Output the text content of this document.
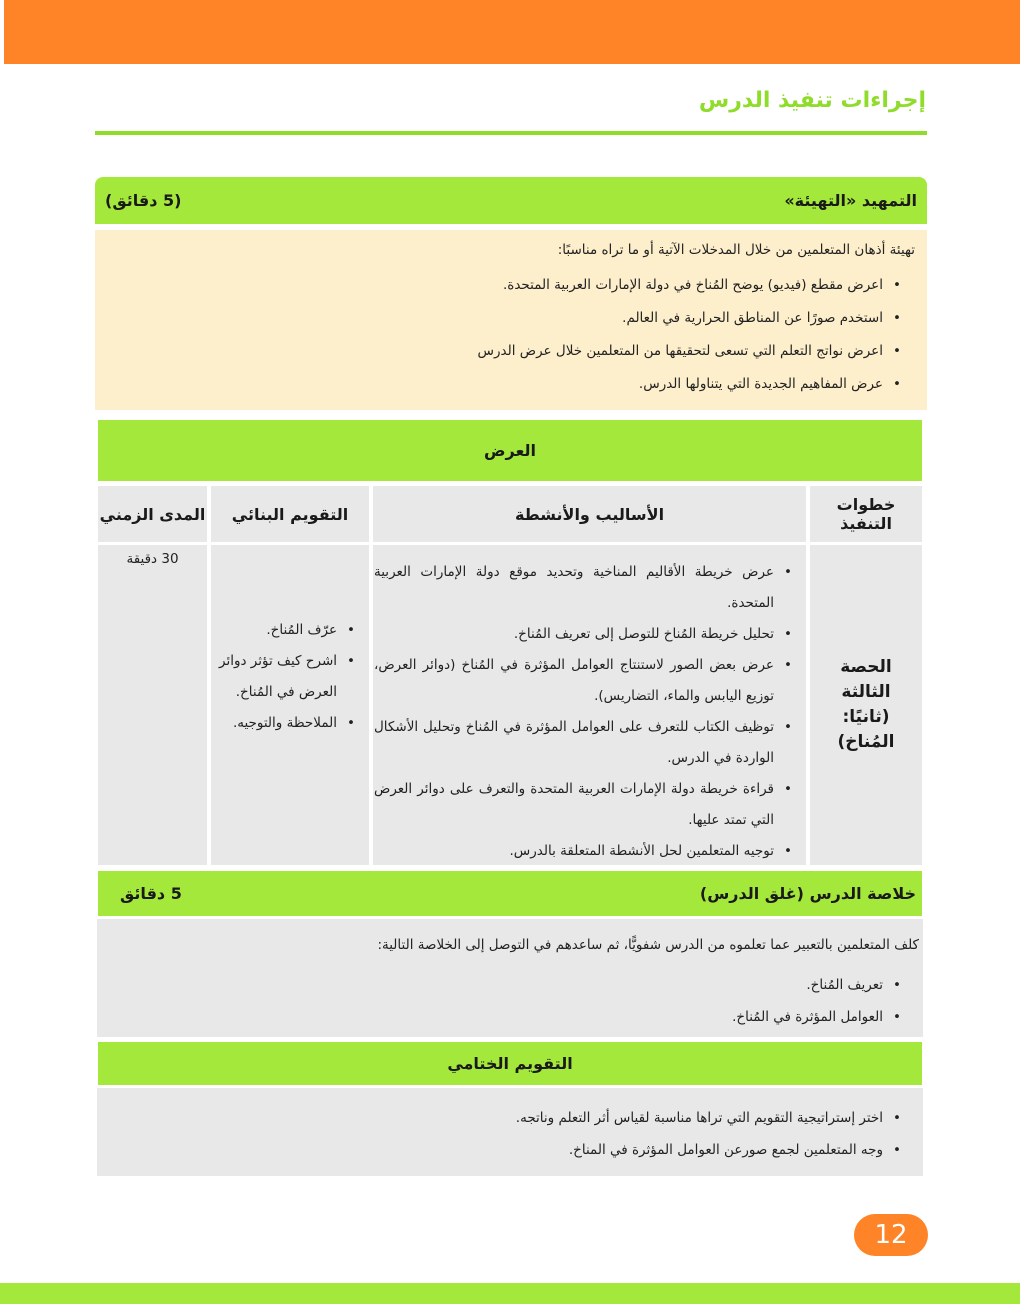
إجراءات تنفيذ الدرس
التمهيد «التهيئة»
(5 دقائق)
تهيئة أذهان المتعلمين من خلال المدخلات الآتية أو ما تراه مناسبًا:
• اعرض مقطع (فيديو) يوضح المُناخ في دولة الإمارات العربية المتحدة.
• استخدم صورًا عن المناطق الحرارية في العالم.
• اعرض نواتج التعلم التي تسعى لتحقيقها من المتعلمين خلال عرض الدرس
• عرض المفاهيم الجديدة التي يتناولها الدرس.
العرض
خطوات التنفيذ
الأساليب والأنشطة
التقويم البنائي
المدى الزمني
الحصة الثالثة (ثانيًا: المُناخ)
• عرض خريطة الأقاليم المناخية وتحديد موقع دولة الإمارات العربية المتحدة.
• تحليل خريطة المُناخ للتوصل إلى تعريف المُناخ.
• عرض بعض الصور لاستنتاج العوامل المؤثرة في المُناخ (دوائر العرض، توزيع اليابس والماء، التضاريس).
• توظيف الكتاب للتعرف على العوامل المؤثرة في المُناخ وتحليل الأشكال الواردة في الدرس.
• قراءة خريطة دولة الإمارات العربية المتحدة والتعرف على دوائر العرض التي تمتد عليها.
• توجيه المتعلمين لحل الأنشطة المتعلقة بالدرس.
• عرّف المُناخ.
• اشرح كيف تؤثر دوائر العرض في المُناخ.
• الملاحظة والتوجيه.
30 دقيقة
خلاصة الدرس (غلق الدرس)
5 دقائق
كلف المتعلمين بالتعبير عما تعلموه من الدرس شفويًّا، ثم ساعدهم في التوصل إلى الخلاصة التالية:
• تعريف المُناخ.
• العوامل المؤثرة في المُناخ.
التقويم الختامي
• اختر إستراتيجية التقويم التي تراها مناسبة لقياس أثر التعلم وناتجه.
• وجه المتعلمين لجمع صورعن العوامل المؤثرة في المناخ.
12
